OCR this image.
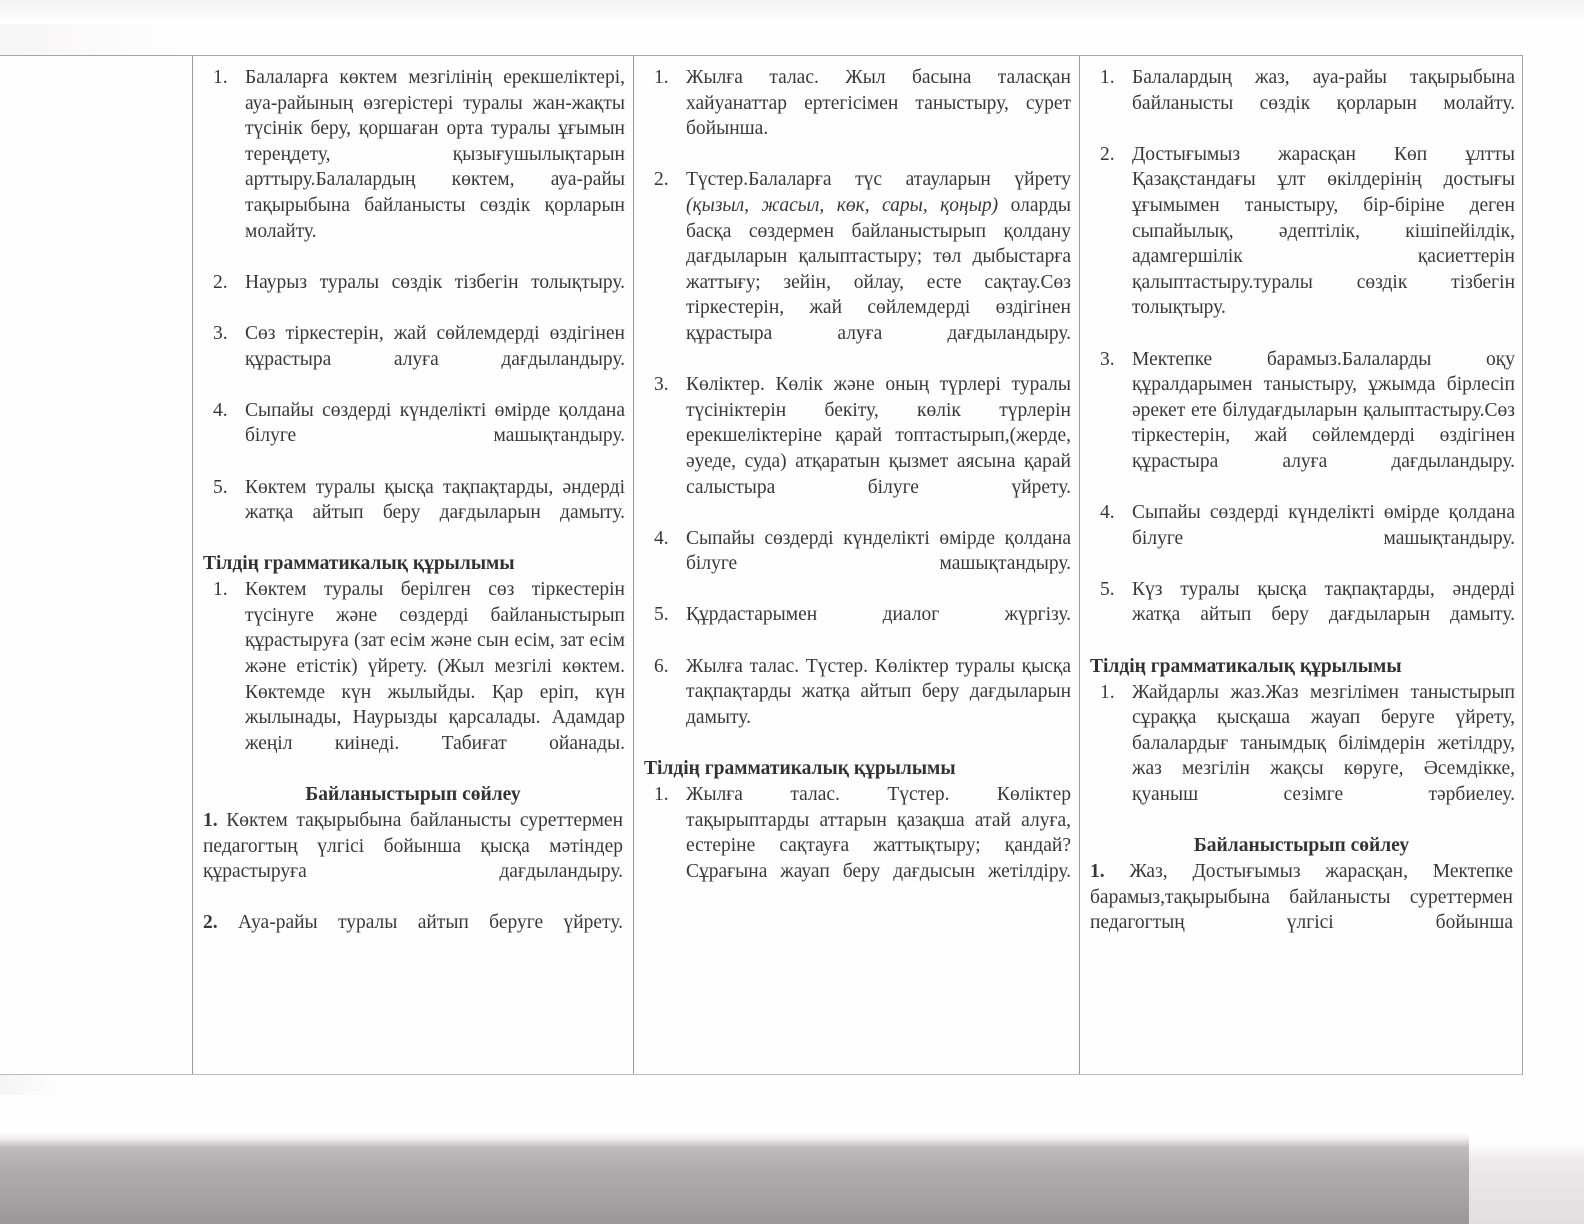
1. Балаларға көктем мезгілінің ерекшеліктері, ауа-райының өзгерістері туралы жан-жақты түсінік беру, қоршаған орта туралы ұғымын тереңдету, қызығушылықтарын арттыру.Балалардың көктем, ауа-райы тақырыбына байланысты сөздік қорларын молайту.
2. Наурыз туралы сөздік тізбегін толықтыру.
3. Сөз тіркестерін, жай сөйлемдерді өздігінен құрастыра алуға дағдыландыру.
4. Сыпайы сөздерді күнделікті өмірде қолдана білуге машықтандыру.
5. Көктем туралы қысқа тақпақтарды, әндерді жатқа айтып беру дағдыларын дамыту.
Тілдің грамматикалық құрылымы
1. Көктем туралы берілген сөз тіркестерін түсінуге және сөздерді байланыстырып құрастыруға (зат есім және сын есім, зат есім және етістік) үйрету. (Жыл мезгілі көктем. Көктемде күн жылыйды. Қар еріп, күн жылынады, Наурызды қарсалады. Адамдар жеңіл киінеді. Табиғат ойанады.
Байланыстырып сөйлеу
1. Көктем тақырыбына байланысты суреттермен педагогтың үлгісі бойынша қысқа мәтіндер құрастыруға дағдыландыру.
2. Ауа-райы туралы айтып беруге үйрету.
1. Жылға талас. Жыл басына таласқан хайуанаттар ертегісімен таныстыру, сурет бойынша.
2. Түстер.Балаларға түс атауларын үйрету (қызыл, жасыл, көк, сары, қоңыр) оларды басқа сөздермен байланыстырып қолдану дағдыларын қалыптастыру; төл дыбыстарға жаттығу; зейін, ойлау, есте сақтау.Сөз тіркестерін, жай сөйлемдерді өздігінен құрастыра алуға дағдыландыру.
3. Көліктер. Көлік және оның түрлері туралы түсініктерін бекіту, көлік түрлерін ерекшеліктеріне қарай топтастырып,(жерде, әуеде, суда) атқаратын қызмет аясына қарай салыстыра білуге үйрету.
4. Сыпайы сөздерді күнделікті өмірде қолдана білуге машықтандыру.
5. Құрдастарымен диалог жүргізу.
6. Жылға талас. Түстер. Көліктер туралы қысқа тақпақтарды жатқа айтып беру дағдыларын дамыту.
Тілдің грамматикалық құрылымы
1. Жылға талас. Түстер. Көліктер тақырыптарды аттарын қазақша атай алуға, естеріне сақтауға жаттықтыру; қандай? Сұрағына жауап беру дағдысын жетілдіру.
1. Балалардың жаз, ауа-райы тақырыбына байланысты сөздік қорларын молайту.
2. Достығымыз жарасқан Көп ұлтты Қазақстандағы ұлт өкілдерінің достығы ұғымымен таныстыру, бір-біріне деген сыпайылық, әдептілік, кішіпейілдік, адамгершілік қасиеттерін қалыптастыру.туралы сөздік тізбегін толықтыру.
3. Мектепке барамыз.Балаларды оқу құралдарымен таныстыру, ұжымда бірлесіп әрекет ете білудағдыларын қалыптастыру.Сөз тіркестерін, жай сөйлемдерді өздігінен құрастыра алуға дағдыландыру.
4. Сыпайы сөздерді күнделікті өмірде қолдана білуге машықтандыру.
5. Күз туралы қысқа тақпақтарды, әндерді жатқа айтып беру дағдыларын дамыту.
Тілдің грамматикалық құрылымы
1. Жайдарлы жаз.Жаз мезгілімен таныстырып сұраққа қысқаша жауап беруге үйрету, балалардығ танымдық білімдерін жетілдру, жаз мезгілін жақсы көруге, Әсемдікке, қуаныш сезімге тәрбиелеу.
Байланыстырып сөйлеу
1. Жаз, Достығымыз жарасқан, Мектепке барамыз,тақырыбына байланысты суреттермен педагогтың үлгісі бойынша
